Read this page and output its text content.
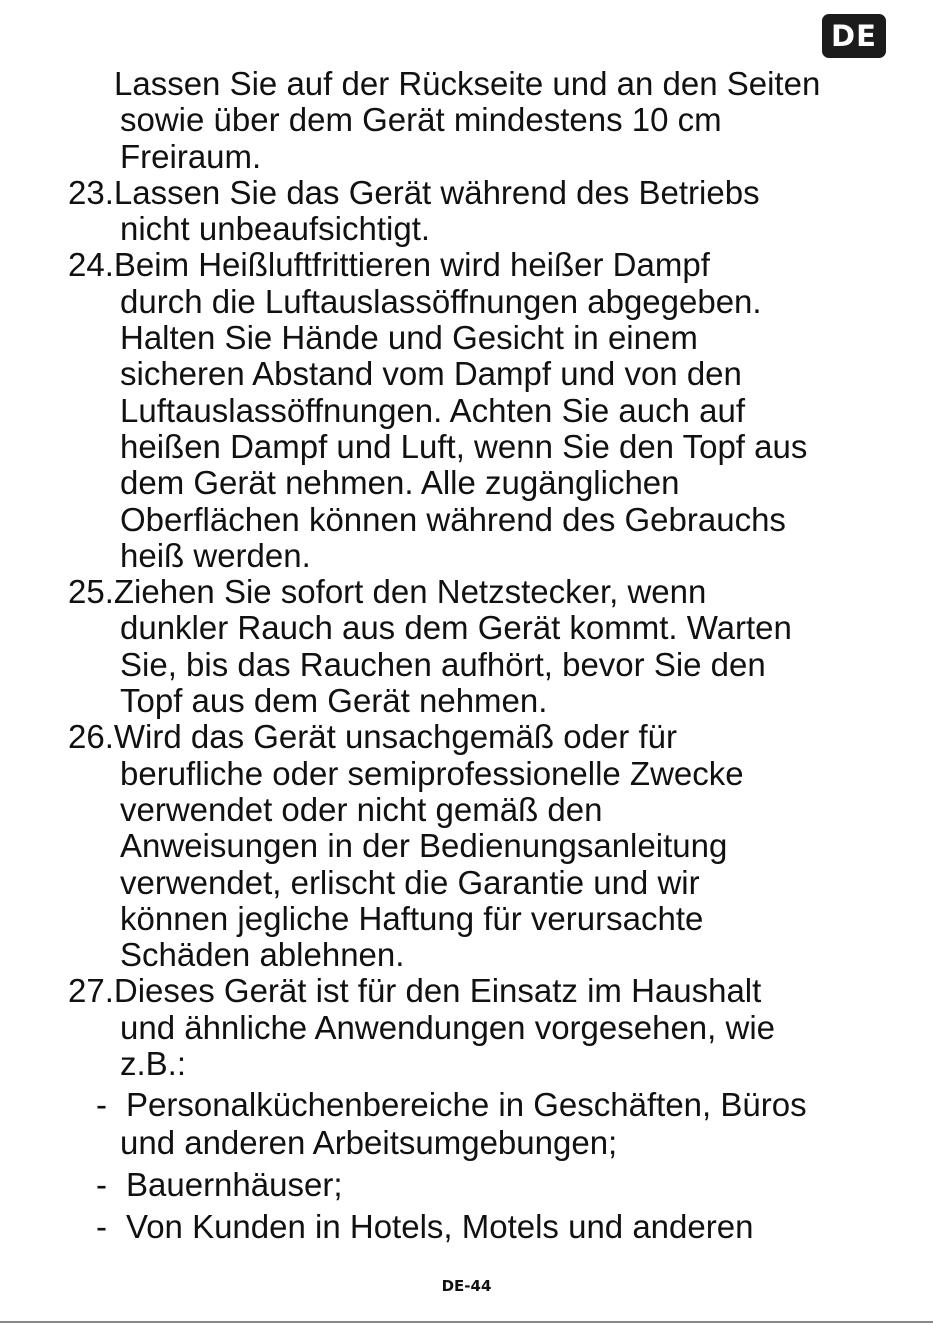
DE
Lassen Sie auf der Rückseite und an den Seiten
sowie über dem Gerät mindestens 10 cm
Freiraum.
23.Lassen Sie das Gerät während des Betriebs
nicht unbeaufsichtigt.
24.Beim Heißluftfrittieren wird heißer Dampf
durch die Luftauslassöffnungen abgegeben.
Halten Sie Hände und Gesicht in einem
sicheren Abstand vom Dampf und von den
Luftauslassöffnungen. Achten Sie auch auf
heißen Dampf und Luft, wenn Sie den Topf aus
dem Gerät nehmen. Alle zugänglichen
Oberflächen können während des Gebrauchs
heiß werden.
25.Ziehen Sie sofort den Netzstecker, wenn
dunkler Rauch aus dem Gerät kommt. Warten
Sie, bis das Rauchen aufhört, bevor Sie den
Topf aus dem Gerät nehmen.
26.Wird das Gerät unsachgemäß oder für
berufliche oder semiprofessionelle Zwecke
verwendet oder nicht gemäß den
Anweisungen in der Bedienungsanleitung
verwendet, erlischt die Garantie und wir
können jegliche Haftung für verursachte
Schäden ablehnen.
27.Dieses Gerät ist für den Einsatz im Haushalt
und ähnliche Anwendungen vorgesehen, wie
z.B.:
- Personalküchenbereiche in Geschäften, Büros
und anderen Arbeitsumgebungen;
- Bauernhäuser;
- Von Kunden in Hotels, Motels und anderen
DE-44
